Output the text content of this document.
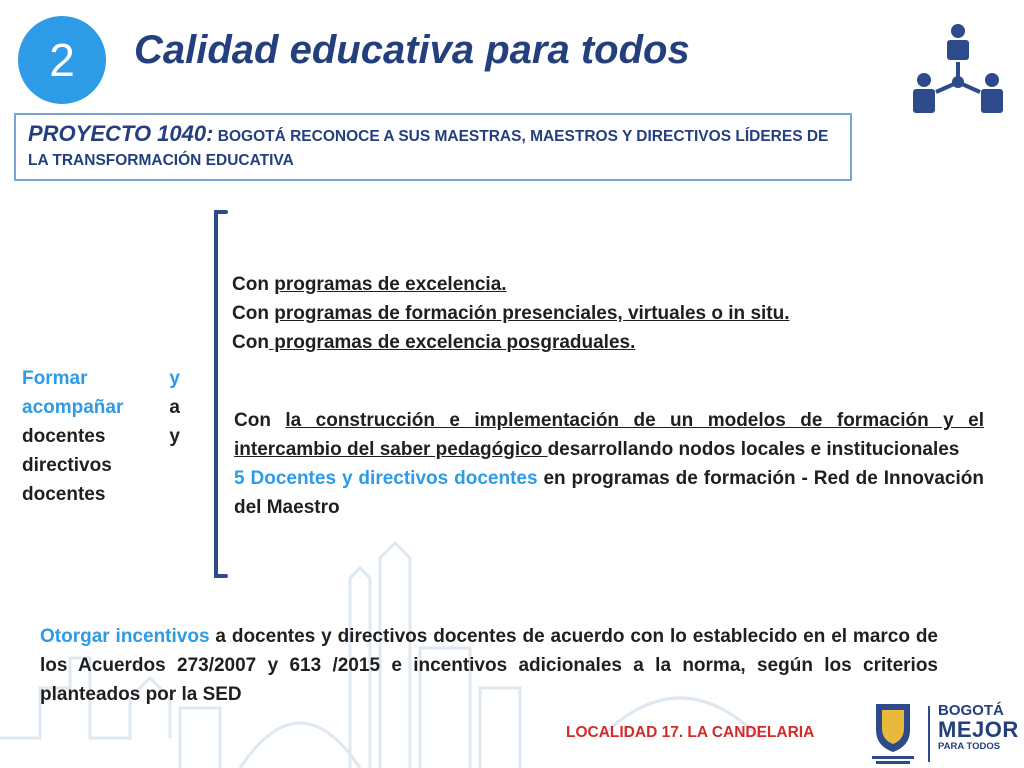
2	Calidad educativa para todos
PROYECTO 1040: BOGOTÁ RECONOCE A SUS MAESTRAS, MAESTROS Y DIRECTIVOS LÍDERES DE LA TRANSFORMACIÓN EDUCATIVA
Formar y acompañar a docentes y directivos docentes
Con programas de excelencia.
Con programas de formación presenciales, virtuales o in situ.
Con programas de excelencia posgraduales.
Con la construcción e implementación de un modelos de formación y el intercambio del saber pedagógico desarrollando nodos locales e institucionales
5 Docentes y directivos docentes en programas de formación - Red de Innovación del Maestro
Otorgar incentivos a docentes y directivos docentes de acuerdo con lo establecido en el marco de los Acuerdos 273/2007 y 613 /2015 e incentivos adicionales a la norma, según los criterios planteados por la SED

LOCALIDAD 17. LA CANDELARIA

BOGOTÁ
MEJOR
PARA TODOS
